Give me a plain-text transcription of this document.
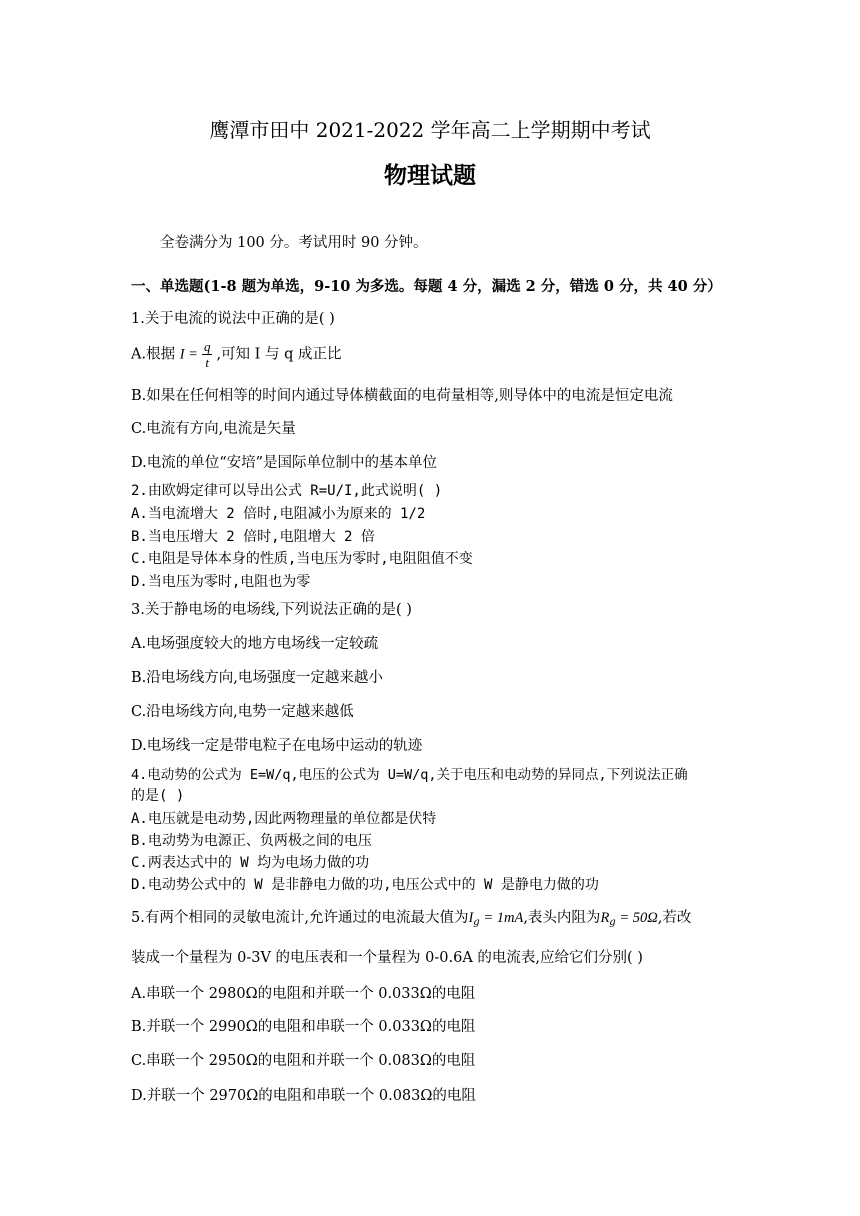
鹰潭市田中 2021-2022 学年高二上学期期中考试
物理试题
全卷满分为 100 分。考试用时 90 分钟。
一、单选题(1-8 题为单选，9-10 为多选。每题 4 分，漏选 2 分，错选 0 分，共 40 分）
1.关于电流的说法中正确的是( )
A.根据 $I = \frac{q}{t}$ ,可知 I 与 q 成正比
B.如果在任何相等的时间内通过导体横截面的电荷量相等,则导体中的电流是恒定电流
C.电流有方向,电流是矢量
D.电流的单位“安培”是国际单位制中的基本单位
2.由欧姆定律可以导出公式 R=U/I,此式说明( )
A.当电流增大 2 倍时,电阻减小为原来的 1/2
B.当电压增大 2 倍时,电阻增大 2 倍
C.电阻是导体本身的性质,当电压为零时,电阻阻值不变
D.当电压为零时,电阻也为零
3.关于静电场的电场线,下列说法正确的是( )
A.电场强度较大的地方电场线一定较疏
B.沿电场线方向,电场强度一定越来越小
C.沿电场线方向,电势一定越来越低
D.电场线一定是带电粒子在电场中运动的轨迹
4.电动势的公式为 E=W/q,电压的公式为 U=W/q,关于电压和电动势的异同点,下列说法正确
的是( )
A.电压就是电动势,因此两物理量的单位都是伏特
B.电动势为电源正、负两极之间的电压
C.两表达式中的 W 均为电场力做的功
D.电动势公式中的 W 是非静电力做的功,电压公式中的 W 是静电力做的功
5.有两个相同的灵敏电流计,允许通过的电流最大值为$I_g = 1mA$,表头内阻为$R_g = 50\Omega$,若改
装成一个量程为 0-3V 的电压表和一个量程为 0-0.6A 的电流表,应给它们分别( )
A.串联一个 2980Ω的电阻和并联一个 0.033Ω的电阻
B.并联一个 2990Ω的电阻和串联一个 0.033Ω的电阻
C.串联一个 2950Ω的电阻和并联一个 0.083Ω的电阻
D.并联一个 2970Ω的电阻和串联一个 0.083Ω的电阻
